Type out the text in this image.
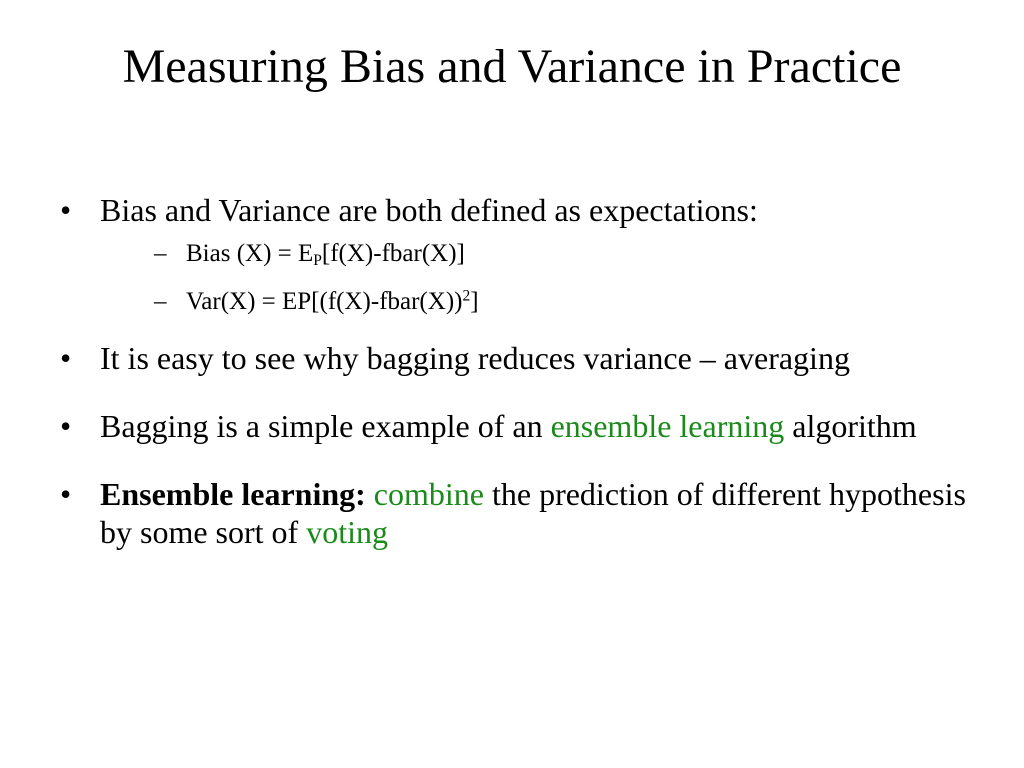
Measuring Bias and Variance in Practice
• Bias and Variance are both defined as expectations:
– Bias $(X) = E_P[f(X)-fbar(X)]$
– Var(X) = EP[(f(X)-fbar(X))$^2$]
• It is easy to see why bagging reduces variance – averaging
• Bagging is a simple example of an ensemble learning algorithm
• Ensemble learning: combine the prediction of different hypothesis by some sort of voting
